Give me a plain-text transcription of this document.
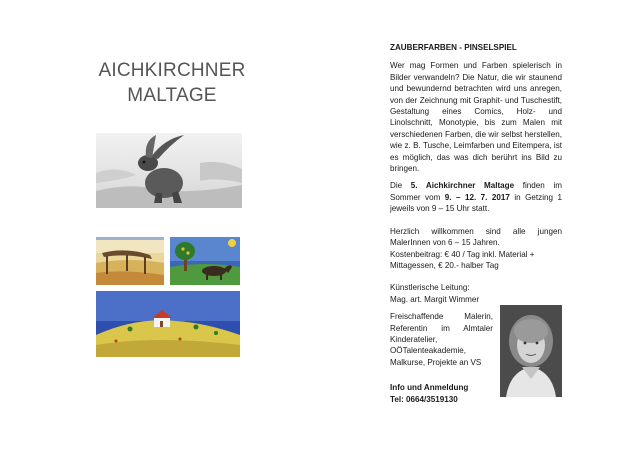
AICHKIRCHNER
MALTAGE

ZAUBERFARBEN - PINSELSPIEL

Wer mag Formen und Farben spielerisch in Bilder verwandeln? Die Natur, die wir staunend und bewundernd betrachten wird uns anregen, von der Zeichnung mit Graphit- und Tuschestift, Gestaltung eines Comics, Holz- und Linolschnitt, Monotypie, bis zum Malen mit verschiedenen Farben, die wir selbst herstellen, wie z. B. Tusche, Leimfarben und Eitempera, ist es möglich, das was dich berührt ins Bild zu bringen.

Die 5. Aichkirchner Maltage finden im Sommer vom 9. – 12. 7. 2017 in Getzing 1 jeweils von 9 – 15 Uhr statt.

Herzlich willkommen sind alle jungen MalerInnen von 6 – 15 Jahren.

Kostenbeitrag: € 40 / Tag inkl. Material + Mittagessen, € 20.- halber Tag

Künstlerische Leitung:

Mag. art. Margit Wimmer

Freischaffende Malerin, Referentin im Almtaler Kinderatelier, OÖTalenteakademie, Malkurse, Projekte an VS

Info und Anmeldung

Tel: 0664/3519130
